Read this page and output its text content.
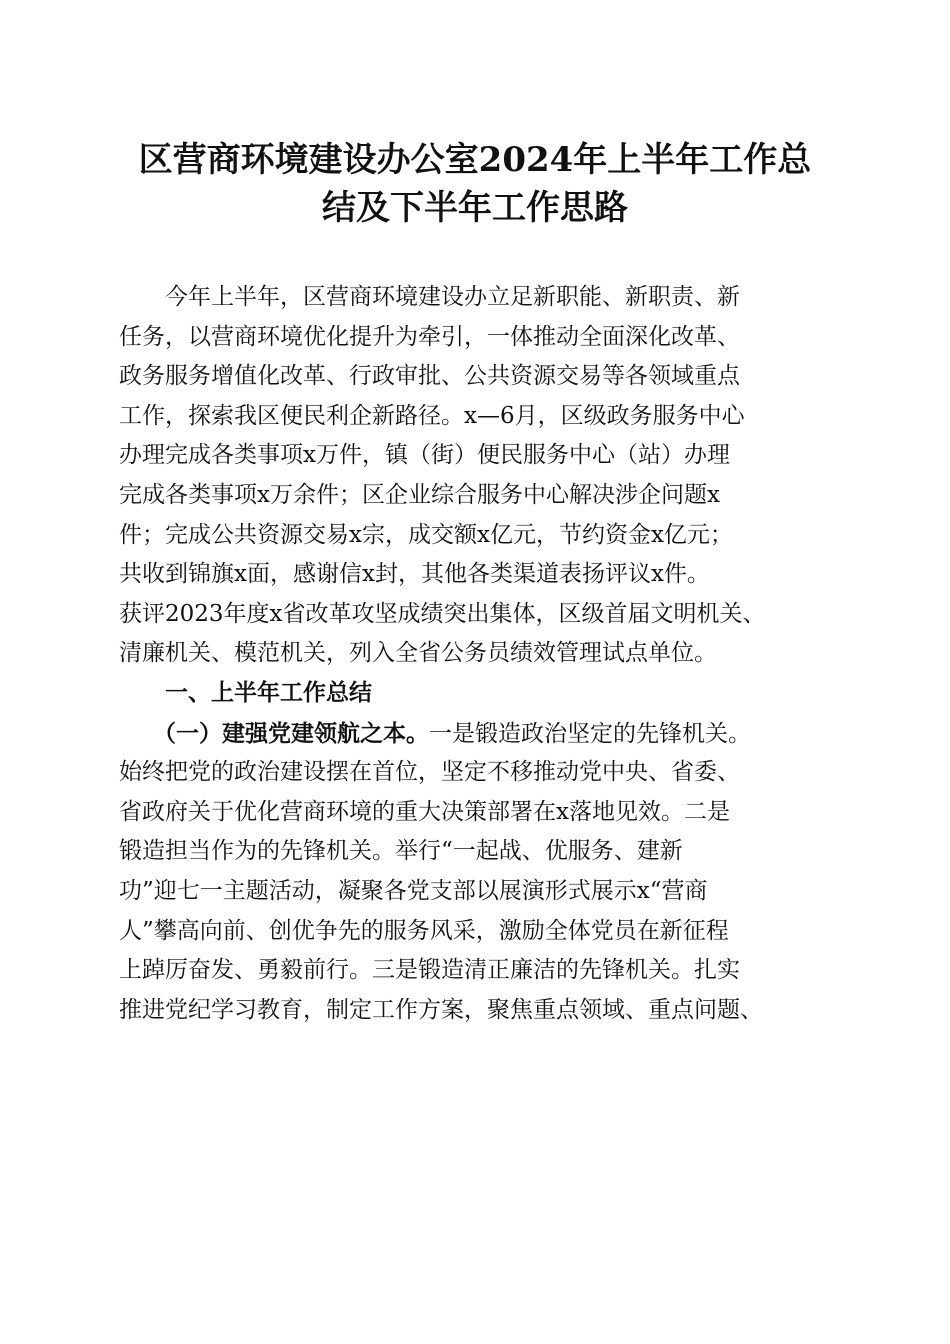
区营商环境建设办公室2024年上半年工作总
结及下半年工作思路
今年上半年，区营商环境建设办立足新职能、新职责、新
任务，以营商环境优化提升为牵引，一体推动全面深化改革、
政务服务增值化改革、行政审批、公共资源交易等各领域重点
工作，探索我区便民利企新路径。x—6月，区级政务服务中心
办理完成各类事项x万件，镇（街）便民服务中心（站）办理
完成各类事项x万余件；区企业综合服务中心解决涉企问题x
件；完成公共资源交易x宗，成交额x亿元，节约资金x亿元；
共收到锦旗x面，感谢信x封，其他各类渠道表扬评议x件。
获评2023年度x省改革攻坚成绩突出集体，区级首届文明机关、
清廉机关、模范机关，列入全省公务员绩效管理试点单位。
一、上半年工作总结
（一）建强党建领航之本。一是锻造政治坚定的先锋机关。
始终把党的政治建设摆在首位，坚定不移推动党中央、省委、
省政府关于优化营商环境的重大决策部署在x落地见效。二是
锻造担当作为的先锋机关。举行“一起战、优服务、建新
功”迎七一主题活动，凝聚各党支部以展演形式展示x“营商
人”攀高向前、创优争先的服务风采，激励全体党员在新征程
上踔厉奋发、勇毅前行。三是锻造清正廉洁的先锋机关。扎实
推进党纪学习教育，制定工作方案，聚焦重点领域、重点问题、
